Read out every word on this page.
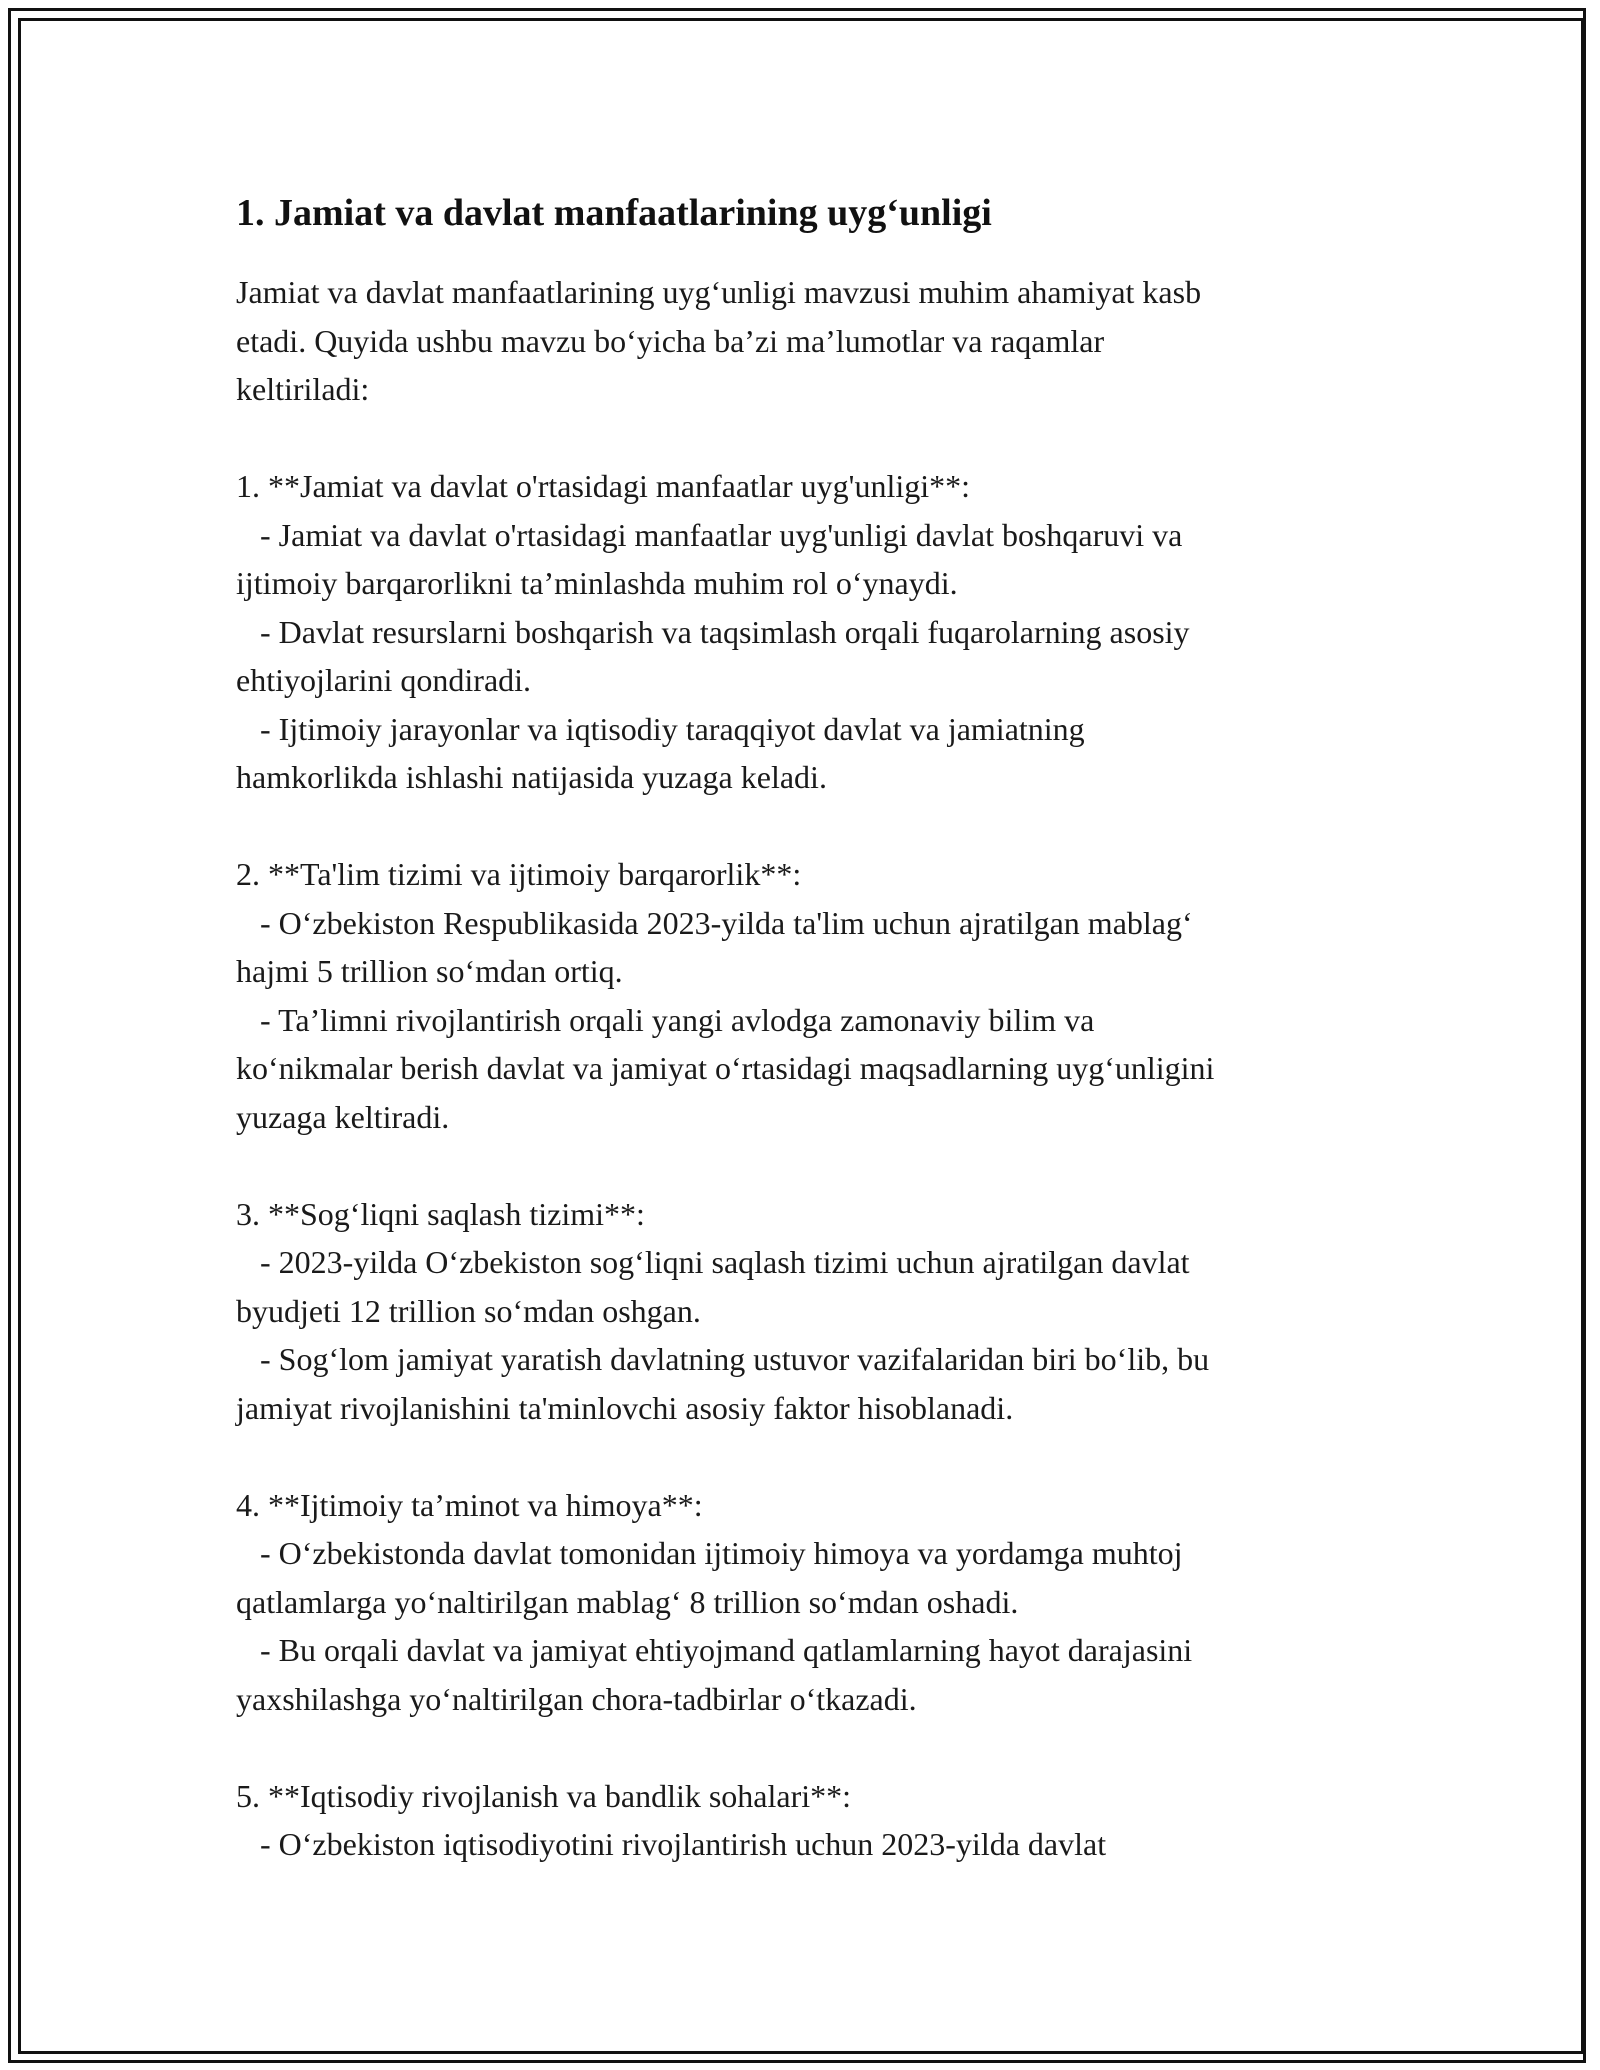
1. Jamiat va davlat manfaatlarining uyg‘unligi

Jamiat va davlat manfaatlarining uyg‘unligi mavzusi muhim ahamiyat kasb
etadi. Quyida ushbu mavzu bo‘yicha ba’zi ma’lumotlar va raqamlar
keltiriladi:

1. **Jamiat va davlat o'rtasidagi manfaatlar uyg'unligi**:

- Jamiat va davlat o'rtasidagi manfaatlar uyg'unligi davlat boshqaruvi va
ijtimoiy barqarorlikni ta’minlashda muhim rol o‘ynaydi.
- Davlat resurslarni boshqarish va taqsimlash orqali fuqarolarning asosiy
ehtiyojlarini qondiradi.
- Ijtimoiy jarayonlar va iqtisodiy taraqqiyot davlat va jamiatning
hamkorlikda ishlashi natijasida yuzaga keladi.

2. **Ta'lim tizimi va ijtimoiy barqarorlik**:

- O‘zbekiston Respublikasida 2023-yilda ta'lim uchun ajratilgan mablag‘
hajmi 5 trillion so‘mdan ortiq.
- Ta’limni rivojlantirish orqali yangi avlodga zamonaviy bilim va
ko‘nikmalar berish davlat va jamiyat o‘rtasidagi maqsadlarning uyg‘unligini
yuzaga keltiradi.

3. **Sog‘liqni saqlash tizimi**:

- 2023-yilda O‘zbekiston sog‘liqni saqlash tizimi uchun ajratilgan davlat
byudjeti 12 trillion so‘mdan oshgan.
- Sog‘lom jamiyat yaratish davlatning ustuvor vazifalaridan biri bo‘lib, bu
jamiyat rivojlanishini ta'minlovchi asosiy faktor hisoblanadi.

4. **Ijtimoiy ta’minot va himoya**:

- O‘zbekistonda davlat tomonidan ijtimoiy himoya va yordamga muhtoj
qatlamlarga yo‘naltirilgan mablag‘ 8 trillion so‘mdan oshadi.
- Bu orqali davlat va jamiyat ehtiyojmand qatlamlarning hayot darajasini
yaxshilashga yo‘naltirilgan chora-tadbirlar o‘tkazadi.

5. **Iqtisodiy rivojlanish va bandlik sohalari**:

- O‘zbekiston iqtisodiyotini rivojlantirish uchun 2023-yilda davlat
